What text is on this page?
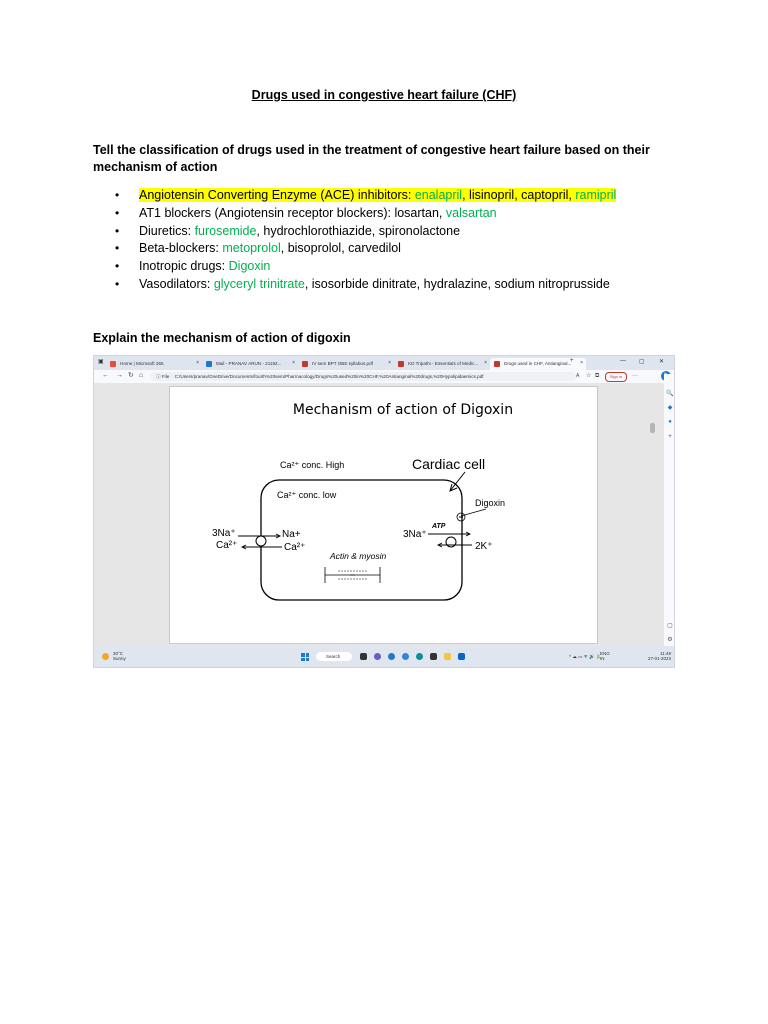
Drugs used in congestive heart failure (CHF)
Tell the classification of drugs used in the treatment of congestive heart failure based on their mechanism of action
• Angiotensin Converting Enzyme (ACE) inhibitors: enalapril, lisinopril, captopril, ramipril
• AT1 blockers (Angiotensin receptor blockers): losartan, valsartan
• Diuretics: furosemide, hydrochlorothiazide, spironolactone
• Beta-blockers: metoprolol, bisoprolol, carvedilol
• Inotropic drugs: Digoxin
• Vasodilators: glyceryl trinitrate, isosorbide dinitrate, hydralazine, sodium nitroprusside
Explain the mechanism of action of digoxin
▣	Home | Microsoft 365	×	Mail - PRANAV ARUN - 21192... ×	IV sem BPT OBE syllabus.pdf	×	KD Tripathi - Essentials of Medic... ×	Drugs used in CHF, Antianginal... ×
+	— ▢ ✕
← → ↻ ⌂	ⓘ File C:/Users/pranav/OneDrive/Documents/fourth%20sem/Pharmacology/Drugs%20used%20in%20CHF,%20Antianginal%20drugs,%20Hypolipidaemics.pdf	A ☆ ⧉	Sign in	···
Mechanism of action of Digoxin
Ca²⁺ conc. High	Cardiac cell
Ca²⁺ conc. low
Digoxin
3Na⁺
Ca²⁺
Na+
Ca²⁺
3Na⁺
ATP
2K⁺
Actin & myosin
🔍
◆
●
+
▢
⚙
30°C
Sunny	Search	^ ☁ ▭ ᯤ 🔊 🔋
ENG
IN
11:49
27-01-2023
